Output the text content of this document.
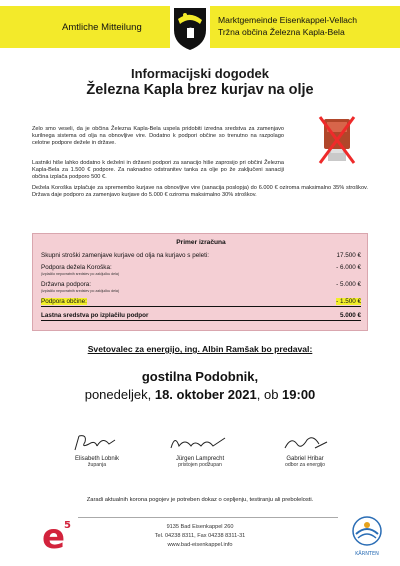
Amtliche Mitteilung
Marktgemeinde Eisenkappel-Vellach
Tržna občina Železna Kapla-Bela
Informacijski dogodek
Železna Kapla brez kurjav na olje
Zelo smo veseli, da je občina Železna Kapla-Bela uspela pridobiti izredna sredstva za zamenjavo kurilnega sistema od olja na obnovljive vire. Dodatno k podpori občine so trenutno na razpolago celotne podpore dežele in države.
Lastniki hiše lahko dodatno k deželni in državni podpori za sanacijo hiše zaprosijo pri občini Železna Kapla-Bela za 1.500 € podpore. Za naknadno odstranitev tanka za olje po že zaključeni sanaciji občina izplača podporo 500 €.
Dežela Koroška izplačuje za spremembo kurjave na obnovljive vire (sanacija poslopja) do 6.000 € oziroma maksimalno 35% stroškov. Država daje podporo za zamenjavo kurjave do 5.000 € oziroma maksimalno 30% stroškov.
Primer izračuna
Skupni stroški zamenjave kurjave od olja na kurjavo s peleti:	17.500 €
Podpora dežela Koroška:	- 6.000 €
(izplačilo nepovratnih sredstev po zaključku dela)
Državna podpora:	- 5.000 €
(izplačilo nepovratnih sredstev po zaključku dela)
Podpora občine:	- 1.500 €
Lastna sredstva po izplačilu podpor	5.000 €
Svetovalec za energijo, ing. Albin Ramšak bo predaval:
gostilna Podobnik,
ponedeljek, 18. oktober 2021, ob 19:00
Elisabeth Lobnik
županja
Jürgen Lamprecht
pristojen podžupan
Gabriel Hribar
odbor za energijo
Zaradi aktualnih korona pogojev je potreben dokaz o cepljenju, testiranju ali prebolelosti.
9135 Bad Eisenkappel 260
Tel. 04238 8311, Fax 04238 8311-31
www.bad-eisenkappel.info
e
5
KÄRNTEN
